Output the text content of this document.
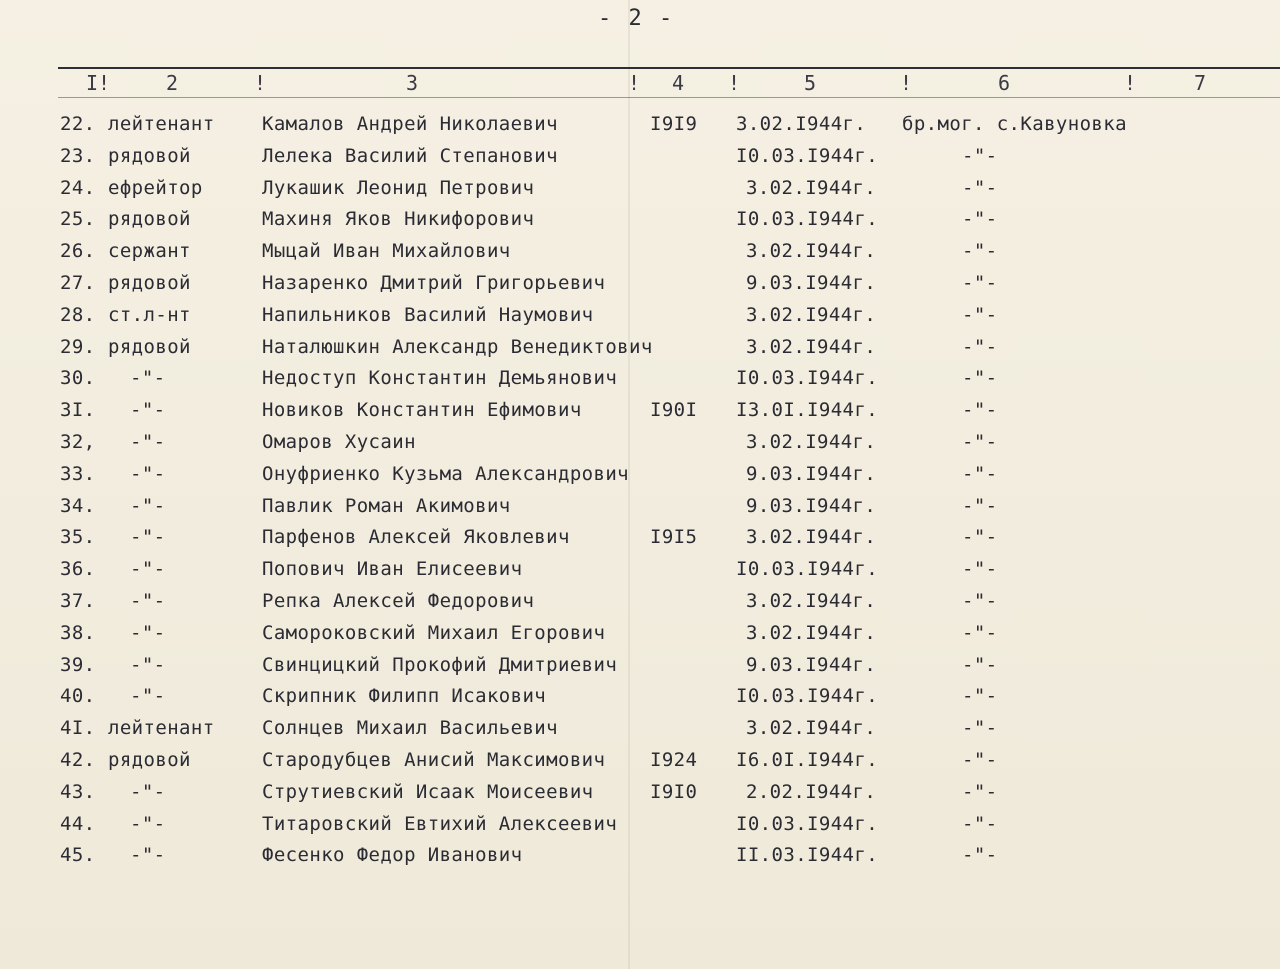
- 2 -
I!	2	!	3	! 4 !	5	!	6	!	7
22. лейтенант Камалов Андрей Николаевич	I9I9 3.02.I944г. бр.мог. с.Кавуновка
23. рядовой	Лелека Василий Степанович	I0.03.I944г.	-"-
24. ефрейтор	Лукашик Леонид Петрович	3.02.I944г.	-"-
25. рядовой	Махиня Яков Никифорович	I0.03.I944г.	-"-
26. сержант	Мыцай Иван Михайлович	3.02.I944г.	-"-
27. рядовой	Назаренко Дмитрий Григорьевич	9.03.I944г.	-"-
28. ст.л-нт	Напильников Василий Наумович	3.02.I944г.	-"-
29. рядовой	Наталюшкин Александр Венедиктович	3.02.I944г.	-"-
30. -"-	Недоступ Константин Демьянович	I0.03.I944г.	-"-
3I. -"-	Новиков Константин Ефимович	I90I I3.0I.I944г.	-"-
32, -"-	Омаров Хусаин	3.02.I944г.	-"-
33. -"-	Онуфриенко Кузьма Александрович	9.03.I944г.	-"-
34. -"-	Павлик Роман Акимович	9.03.I944г.	-"-
35. -"-	Парфенов Алексей Яковлевич	I9I5	3.02.I944г.	-"-
36. -"-	Попович Иван Елисеевич	I0.03.I944г.	-"-
37. -"-	Репка Алексей Федорович	3.02.I944г.	-"-
38. -"-	Самороковский Михаил Егорович	3.02.I944г.	-"-
39. -"-	Свинцицкий Прокофий Дмитриевич	9.03.I944г.	-"-
40. -"-	Скрипник Филипп Исакович	I0.03.I944г.	-"-
4I. лейтенант Солнцев Михаил Васильевич	3.02.I944г.	-"-
42. рядовой	Стародубцев Анисий Максимович I924 I6.0I.I944г.	-"-
43. -"-	Струтиевский Исаак Моисеевич	I9I0	2.02.I944г.	-"-
44. -"-	Титаровский Евтихий Алексеевич	I0.03.I944г.	-"-
45. -"-	Фесенко Федор Иванович	II.03.I944г.	-"-
